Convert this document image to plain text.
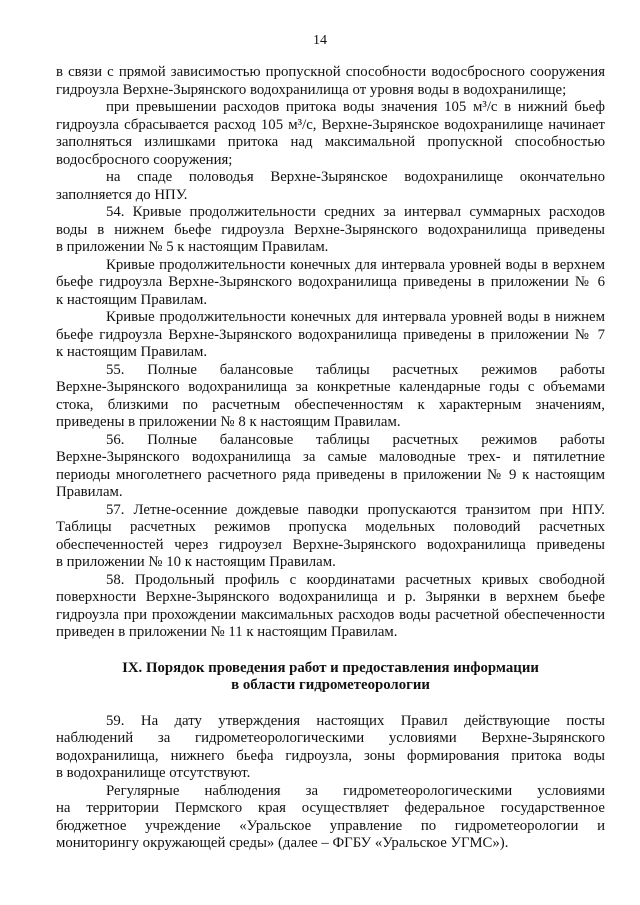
14
в связи с прямой зависимостью пропускной способности водосбросного сооружения
гидроузла Верхне-Зырянского водохранилища от уровня воды в водохранилище;
при превышении расходов притока воды значения 105 м³/с в нижний бьеф
гидроузла сбрасывается расход 105 м³/с, Верхне-Зырянское водохранилище начинает
заполняться излишками притока над максимальной пропускной способностью
водосбросного сооружения;
на спаде половодья Верхне-Зырянское водохранилище окончательно
заполняется до НПУ.
54. Кривые продолжительности средних за интервал суммарных расходов
воды в нижнем бьефе гидроузла Верхне-Зырянского водохранилища приведены
в приложении № 5 к настоящим Правилам.
Кривые продолжительности конечных для интервала уровней воды в верхнем
бьефе гидроузла Верхне-Зырянского водохранилища приведены в приложении № 6
к настоящим Правилам.
Кривые продолжительности конечных для интервала уровней воды в нижнем
бьефе гидроузла Верхне-Зырянского водохранилища приведены в приложении № 7
к настоящим Правилам.
55. Полные балансовые таблицы расчетных режимов работы
Верхне-Зырянского водохранилища за конкретные календарные годы с объемами
стока, близкими по расчетным обеспеченностям к характерным значениям,
приведены в приложении № 8 к настоящим Правилам.
56. Полные балансовые таблицы расчетных режимов работы
Верхне-Зырянского водохранилища за самые маловодные трех- и пятилетние
периоды многолетнего расчетного ряда приведены в приложении № 9 к настоящим
Правилам.
57. Летне-осенние дождевые паводки пропускаются транзитом при НПУ.
Таблицы расчетных режимов пропуска модельных половодий расчетных
обеспеченностей через гидроузел Верхне-Зырянского водохранилища приведены
в приложении № 10 к настоящим Правилам.
58. Продольный профиль с координатами расчетных кривых свободной
поверхности Верхне-Зырянского водохранилища и р. Зырянки в верхнем бьефе
гидроузла при прохождении максимальных расходов воды расчетной обеспеченности
приведен в приложении № 11 к настоящим Правилам.
IX. Порядок проведения работ и предоставления информации
в области гидрометеорологии
59. На дату утверждения настоящих Правил действующие посты
наблюдений за гидрометеорологическими условиями Верхне-Зырянского
водохранилища, нижнего бьефа гидроузла, зоны формирования притока воды
в водохранилище отсутствуют.
Регулярные наблюдения за гидрометеорологическими условиями
на территории Пермского края осуществляет федеральное государственное
бюджетное учреждение «Уральское управление по гидрометеорологии и
мониторингу окружающей среды» (далее – ФГБУ «Уральское УГМС»).
